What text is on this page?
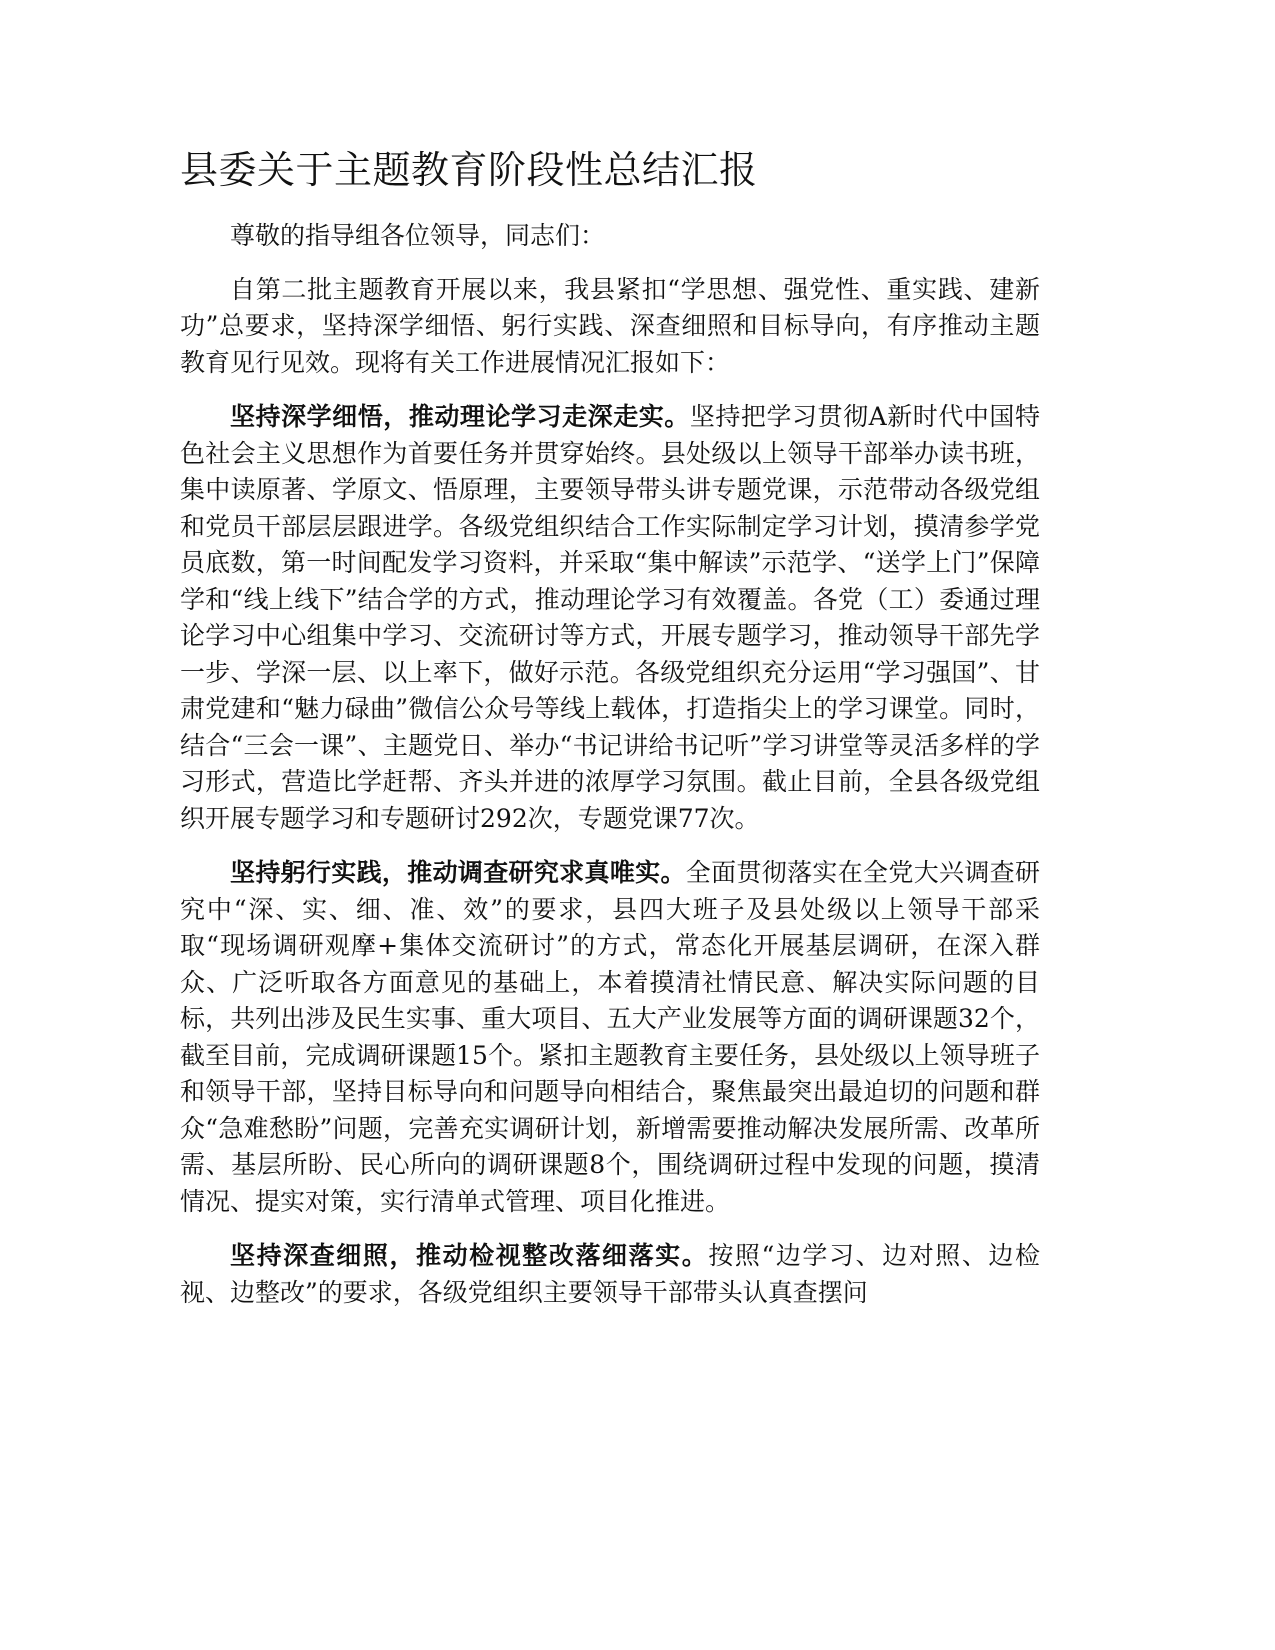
县委关于主题教育阶段性总结汇报

尊敬的指导组各位领导，同志们：

自第二批主题教育开展以来，我县紧扣“学思想、强党性、重实践、建新功”总要求，坚持深学细悟、躬行实践、深查细照和目标导向，有序推动主题教育见行见效。现将有关工作进展情况汇报如下：

坚持深学细悟，推动理论学习走深走实。坚持把学习贯彻A新时代中国特色社会主义思想作为首要任务并贯穿始终。县处级以上领导干部举办读书班，集中读原著、学原文、悟原理，主要领导带头讲专题党课，示范带动各级党组和党员干部层层跟进学。各级党组织结合工作实际制定学习计划，摸清参学党员底数，第一时间配发学习资料，并采取“集中解读”示范学、“送学上门”保障学和“线上线下”结合学的方式，推动理论学习有效覆盖。各党（工）委通过理论学习中心组集中学习、交流研讨等方式，开展专题学习，推动领导干部先学一步、学深一层、以上率下，做好示范。各级党组织充分运用“学习强国”、甘肃党建和“魅力碌曲”微信公众号等线上载体，打造指尖上的学习课堂。同时，结合“三会一课”、主题党日、举办“书记讲给书记听”学习讲堂等灵活多样的学习形式，营造比学赶帮、齐头并进的浓厚学习氛围。截止目前，全县各级党组织开展专题学习和专题研讨292次，专题党课77次。

坚持躬行实践，推动调查研究求真唯实。全面贯彻落实在全党大兴调查研究中“深、实、细、准、效”的要求，县四大班子及县处级以上领导干部采取“现场调研观摩+集体交流研讨”的方式，常态化开展基层调研，在深入群众、广泛听取各方面意见的基础上，本着摸清社情民意、解决实际问题的目标，共列出涉及民生实事、重大项目、五大产业发展等方面的调研课题32个，截至目前，完成调研课题15个。紧扣主题教育主要任务，县处级以上领导班子和领导干部，坚持目标导向和问题导向相结合，聚焦最突出最迫切的问题和群众“急难愁盼”问题，完善充实调研计划，新增需要推动解决发展所需、改革所需、基层所盼、民心所向的调研课题8个，围绕调研过程中发现的问题，摸清情况、提实对策，实行清单式管理、项目化推进。

坚持深查细照，推动检视整改落细落实。按照“边学习、边对照、边检视、边整改”的要求，各级党组织主要领导干部带头认真查摆问
